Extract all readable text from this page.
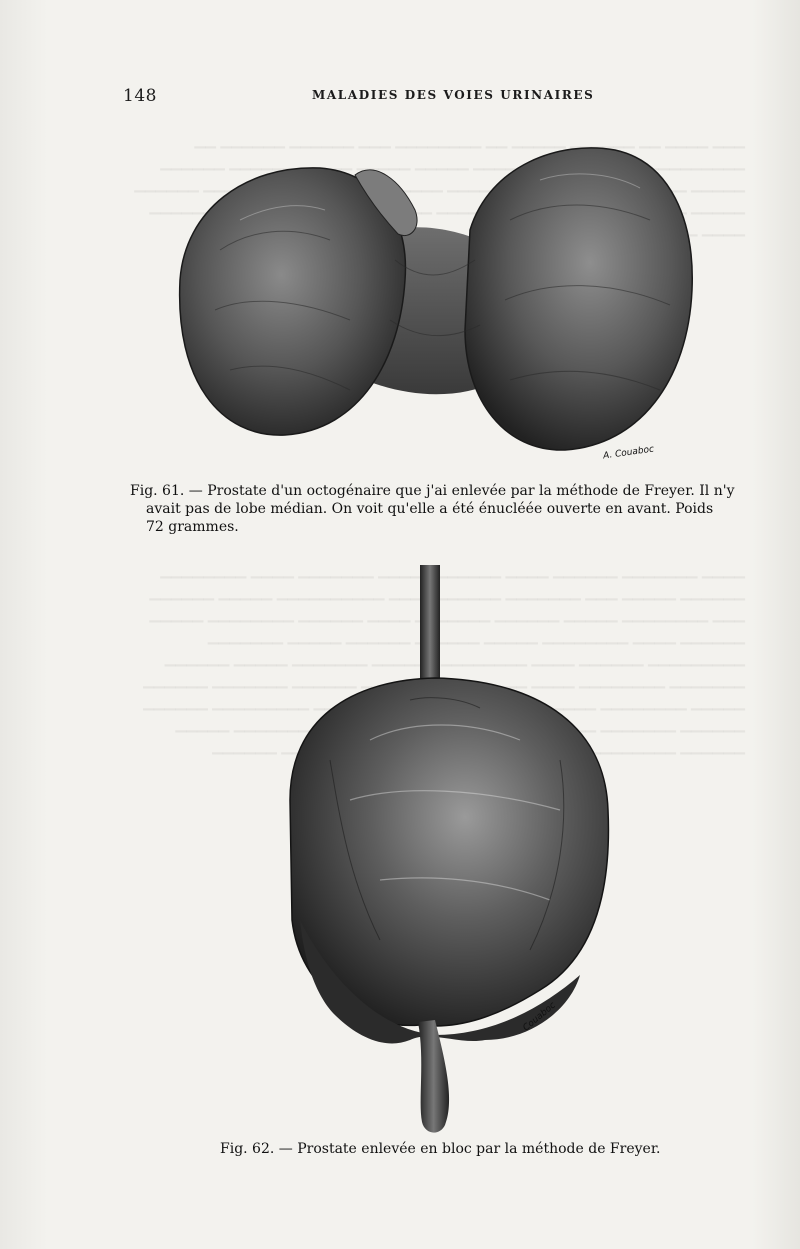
▁▁▁ ▁▁▁▁ ▁▁ ▁▁▁▁▁▁ ▁▁▁▁▁ ▁▁ ▁▁▁▁▁▁▁▁ ▁▁▁ ▁▁▁▁▁▁ ▁▁▁▁▁▁ ▁▁ ▁▁▁▁▁▁▁▁▁ ▁▁▁▁▁▁▁ ▁▁▁▁▁ ▁▁▁▁▁ ▁▁ ▁▁▁▁▁▁▁▁▁ ▁▁▁▁▁▁ ▁▁▁▁▁ ▁▁▁ ▁▁▁▁▁ ▁▁▁▁▁▁ ▁▁▁▁ ▁▁▁▁▁▁ ▁▁▁▁▁ ▁▁▁▁▁ ▁▁▁ ▁▁▁▁▁▁▁▁▁ ▁▁▁▁
▁▁▁▁ ▁▁▁▁▁▁▁ ▁▁▁▁▁▁ ▁▁▁▁ ▁▁▁▁▁▁ ▁▁▁▁▁ ▁▁▁▁▁▁▁ ▁▁▁▁ ▁▁▁▁▁▁▁▁ ▁▁▁▁▁▁ ▁▁▁▁▁ ▁▁▁ ▁▁▁▁▁▁▁ ▁▁▁▁▁▁ ▁▁▁▁ ▁▁▁▁▁▁▁▁▁▁ ▁▁▁▁▁ ▁▁▁▁▁▁ ▁▁▁ ▁▁▁▁▁▁▁▁ ▁▁▁▁▁ ▁▁▁▁▁▁ ▁▁▁▁▁▁▁ ▁▁▁▁ ▁▁▁▁▁▁ ▁▁▁▁▁▁▁▁ ▁▁▁▁▁ ▁▁▁▁▁▁ ▁▁▁▁ ▁▁▁▁▁▁▁▁ ▁▁▁▁▁ ▁▁▁▁▁▁ ▁▁▁▁▁▁ ▁▁▁▁▁ ▁▁▁▁▁▁▁ ▁▁▁▁▁▁▁▁▁ ▁▁▁▁▁▁ ▁▁▁▁ ▁▁▁▁▁▁▁▁ ▁▁▁▁▁▁ ▁▁▁▁▁▁▁ ▁▁▁▁▁ ▁▁▁▁▁▁ ▁▁▁▁▁▁▁ ▁▁▁▁▁▁▁▁ ▁▁▁▁ ▁▁▁▁▁▁▁▁ ▁▁▁▁▁▁ ▁▁▁▁▁▁▁ ▁▁▁▁▁▁ ▁▁▁▁▁ ▁▁▁▁▁▁▁▁ ▁▁▁▁▁▁ ▁▁▁▁ ▁▁▁▁▁▁▁▁▁ ▁▁▁▁▁▁ ▁▁▁▁▁▁ ▁▁▁▁▁▁▁ ▁▁▁▁▁▁▁▁▁ ▁▁▁▁▁ ▁▁▁▁▁▁ ▁▁▁▁▁▁▁▁ ▁▁▁▁▁▁
148	MALADIES DES VOIES URINAIRES
A. Couaboc
Fig. 61. — Prostate d'un octogénaire que j'ai enlevée par la méthode de Freyer. Il n'y
avait pas de lobe médian. On voit qu'elle a été énucléée ouverte en avant. Poids
72 grammes.
Couaboc
Fig. 62. — Prostate enlevée en bloc par la méthode de Freyer.
